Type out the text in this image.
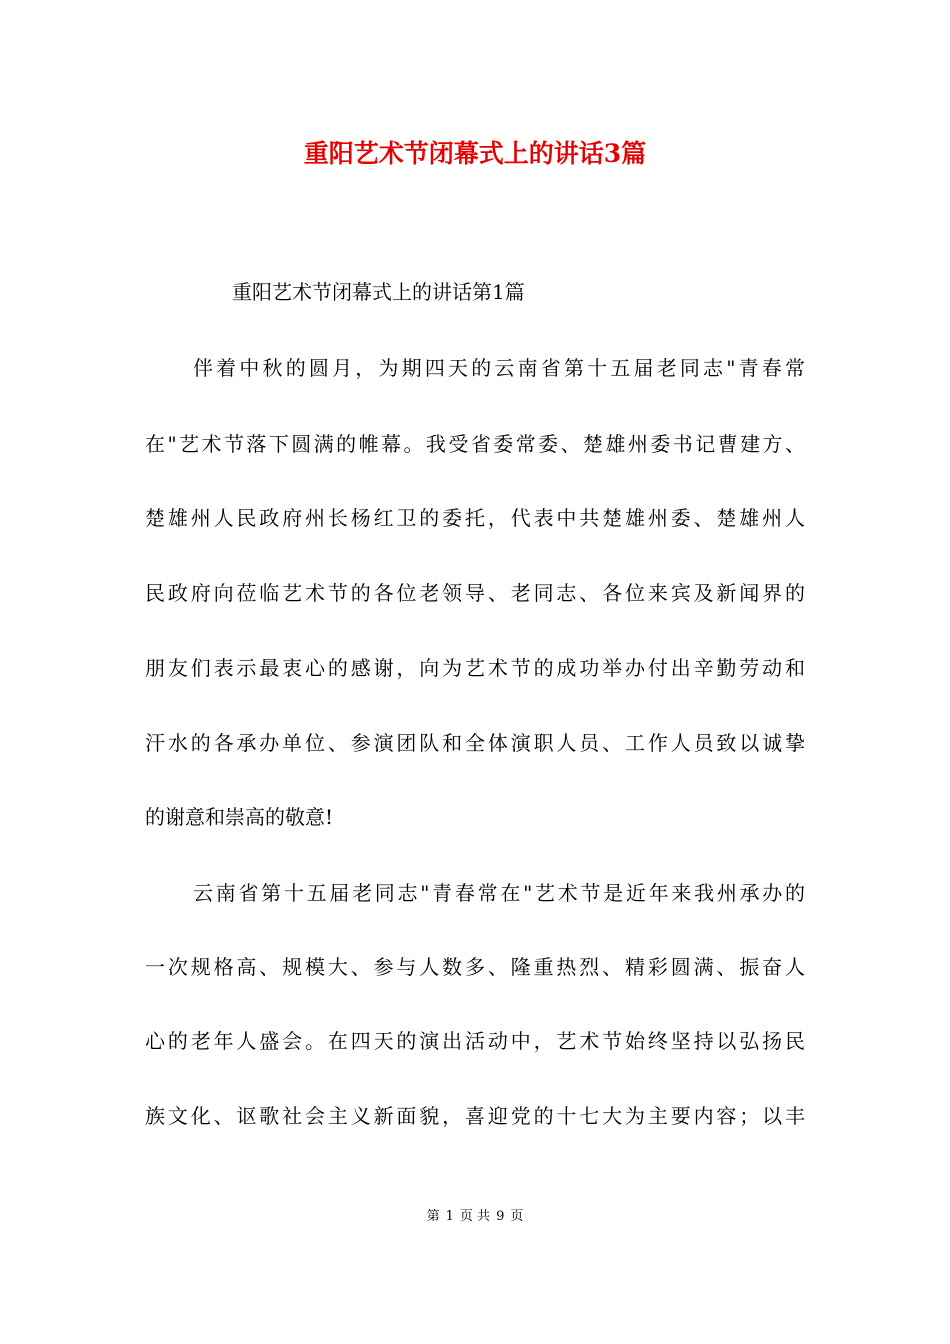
重阳艺术节闭幕式上的讲话3篇

重阳艺术节闭幕式上的讲话第1篇

伴着中秋的圆月，为期四天的云南省第十五届老同志"青春常

在"艺术节落下圆满的帷幕。我受省委常委、楚雄州委书记曹建方、

楚雄州人民政府州长杨红卫的委托，代表中共楚雄州委、楚雄州人

民政府向莅临艺术节的各位老领导、老同志、各位来宾及新闻界的

朋友们表示最衷心的感谢，向为艺术节的成功举办付出辛勤劳动和

汗水的各承办单位、参演团队和全体演职人员、工作人员致以诚挚

的谢意和崇高的敬意!

云南省第十五届老同志"青春常在"艺术节是近年来我州承办的

一次规格高、规模大、参与人数多、隆重热烈、精彩圆满、振奋人

心的老年人盛会。在四天的演出活动中，艺术节始终坚持以弘扬民

族文化、讴歌社会主义新面貌，喜迎党的十七大为主要内容；以丰

第 1 页 共 9 页
